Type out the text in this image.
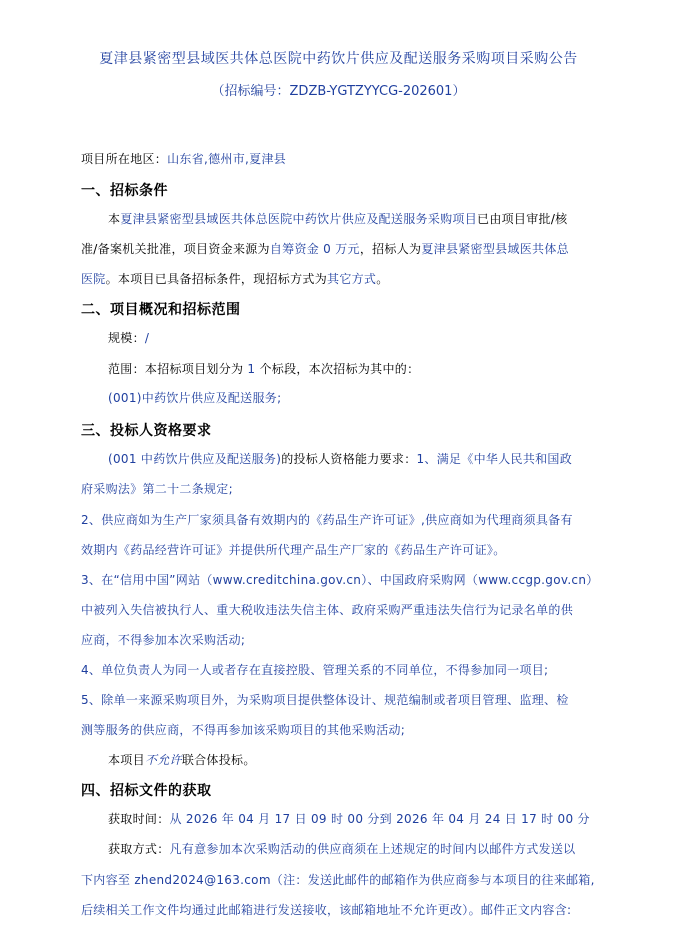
夏津县紧密型县域医共体总医院中药饮片供应及配送服务采购项目采购公告
（招标编号：ZDZB-YGTZYYCG-202601）
项目所在地区：山东省,德州市,夏津县
一、招标条件
本夏津县紧密型县域医共体总医院中药饮片供应及配送服务采购项目已由项目审批/核
准/备案机关批准，项目资金来源为自筹资金 0 万元，招标人为夏津县紧密型县域医共体总
医院。本项目已具备招标条件，现招标方式为其它方式。
二、项目概况和招标范围
规模：/
范围：本招标项目划分为 1 个标段，本次招标为其中的：
(001)中药饮片供应及配送服务;
三、投标人资格要求
(001 中药饮片供应及配送服务)的投标人资格能力要求：1、满足《中华人民共和国政
府采购法》第二十二条规定;
2、供应商如为生产厂家须具备有效期内的《药品生产许可证》,供应商如为代理商须具备有
效期内《药品经营许可证》并提供所代理产品生产厂家的《药品生产许可证》。
3、在“信用中国”网站（www.creditchina.gov.cn）、中国政府采购网（www.ccgp.gov.cn）
中被列入失信被执行人、重大税收违法失信主体、政府采购严重违法失信行为记录名单的供
应商，不得参加本次采购活动;
4、单位负责人为同一人或者存在直接控股、管理关系的不同单位，不得参加同一项目;
5、除单一来源采购项目外，为采购项目提供整体设计、规范编制或者项目管理、监理、检
测等服务的供应商，不得再参加该采购项目的其他采购活动;
本项目不允许联合体投标。
四、招标文件的获取
获取时间：从 2026 年 04 月 17 日 09 时 00 分到 2026 年 04 月 24 日 17 时 00 分
获取方式：凡有意参加本次采购活动的供应商须在上述规定的时间内以邮件方式发送以
下内容至 zhend2024@163.com（注：发送此邮件的邮箱作为供应商参与本项目的往来邮箱,
后续相关工作文件均通过此邮箱进行发送接收，该邮箱地址不允许更改）。邮件正文内容含:
